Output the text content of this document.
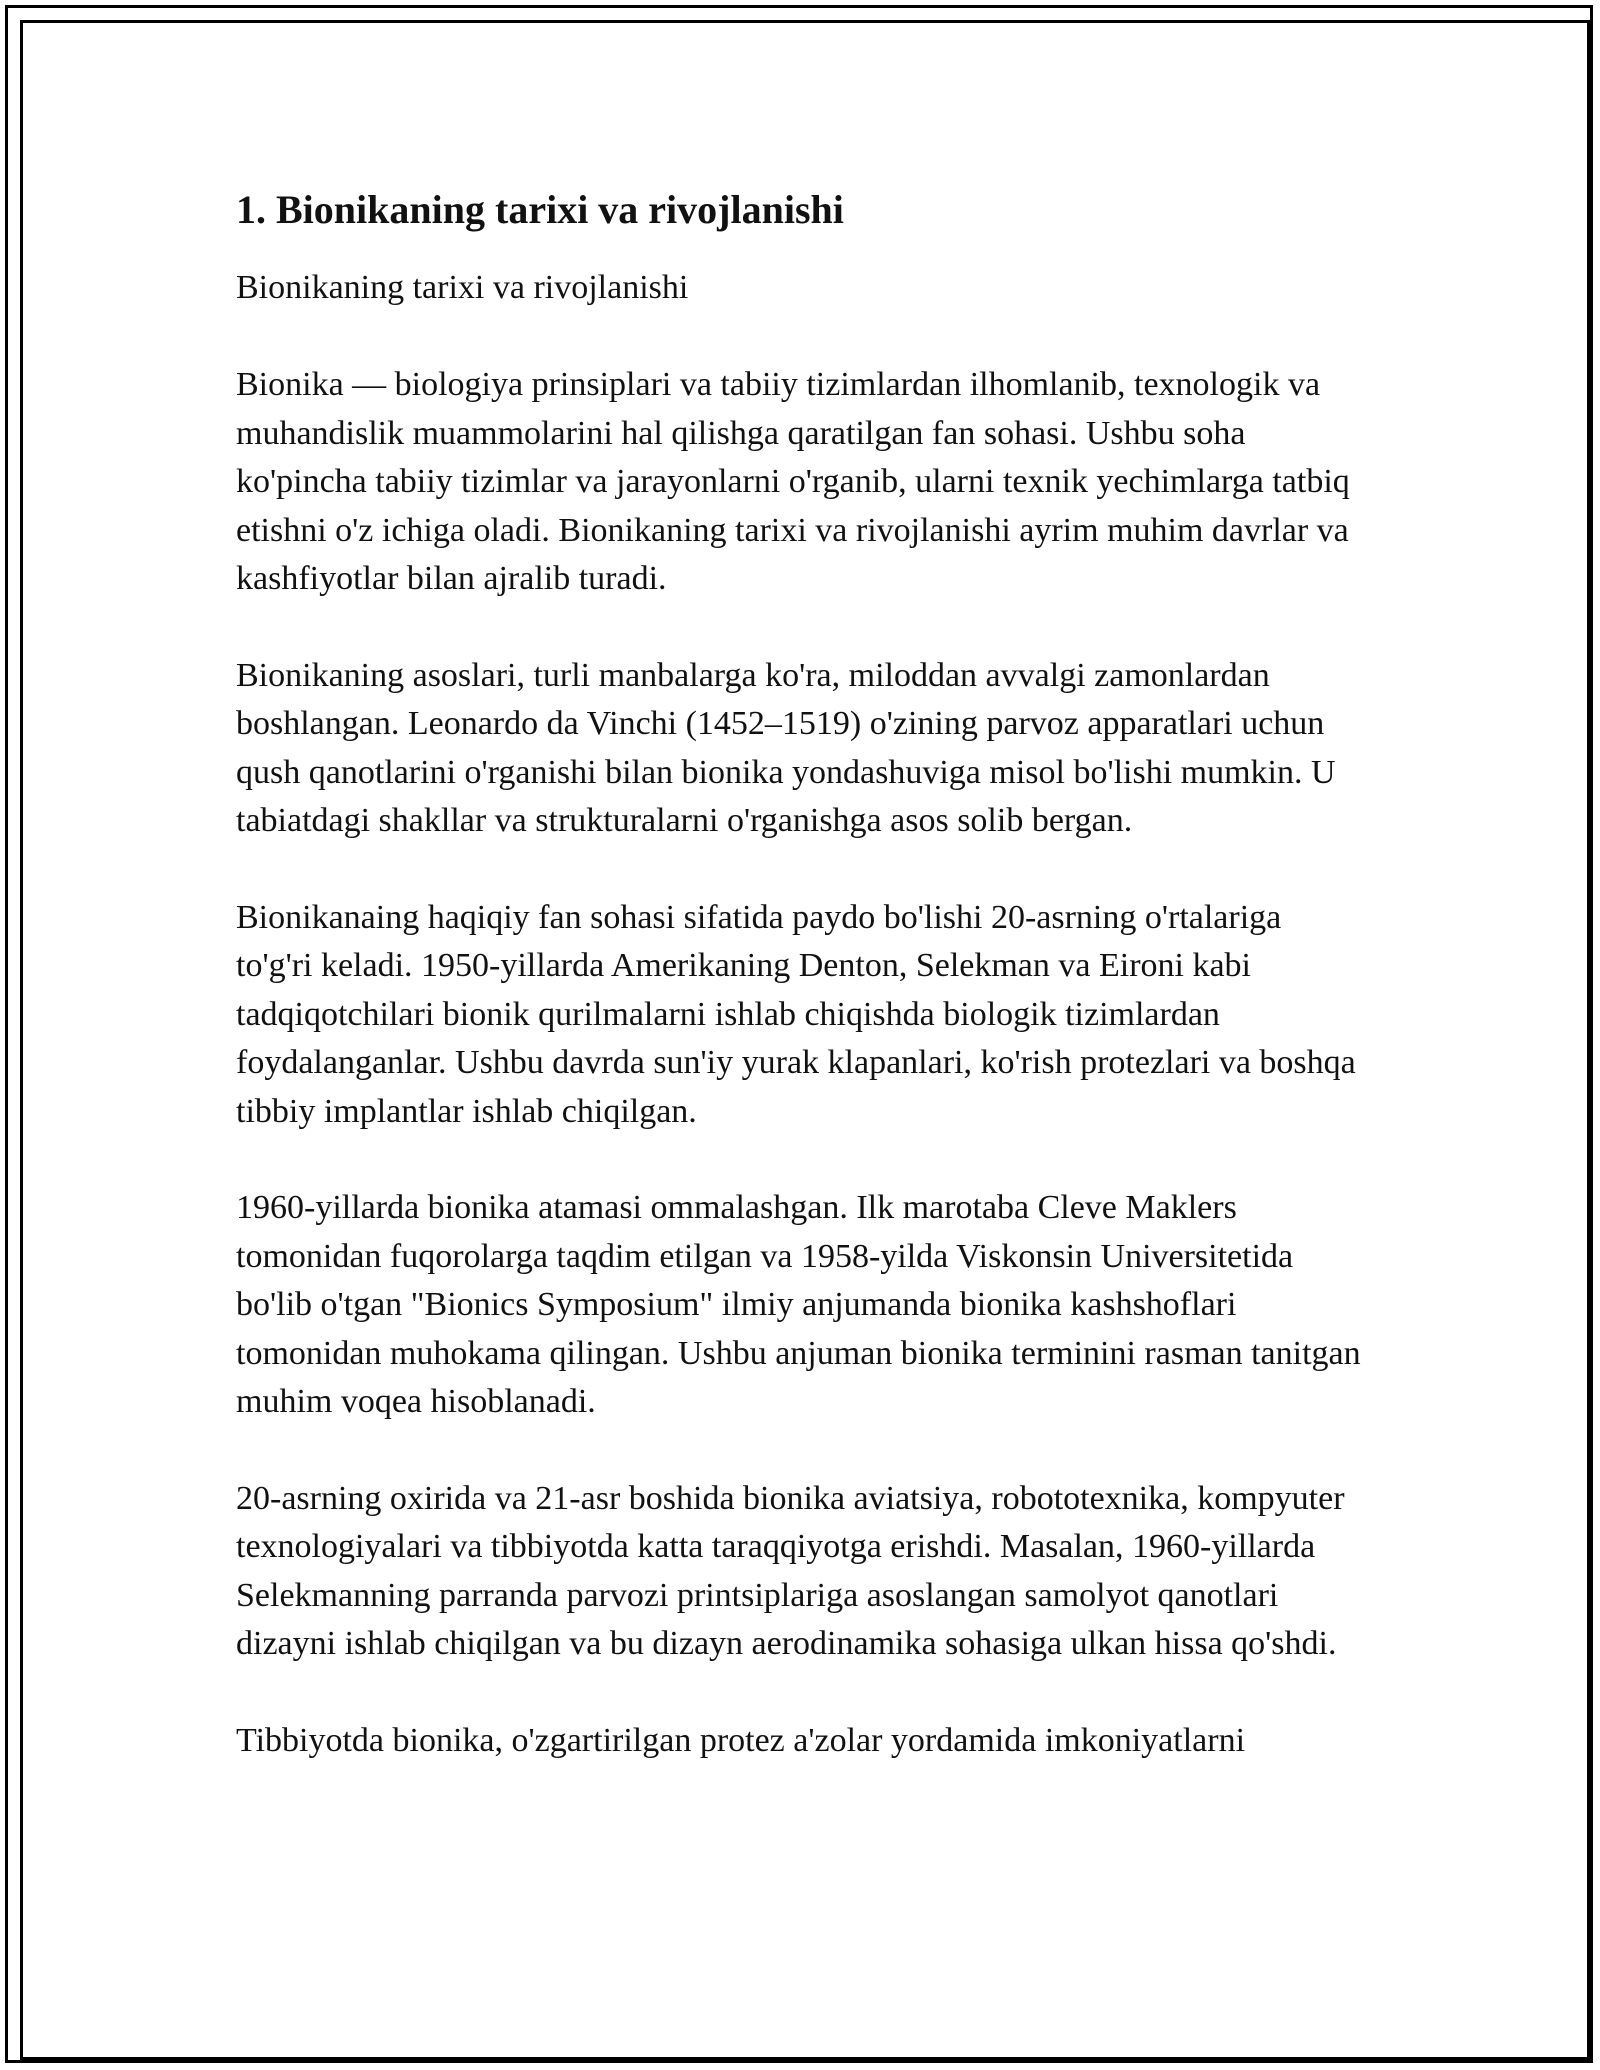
1. Bionikaning tarixi va rivojlanishi

Bionikaning tarixi va rivojlanishi

Bionika — biologiya prinsiplari va tabiiy tizimlardan ilhomlanib, texnologik va muhandislik muammolarini hal qilishga qaratilgan fan sohasi. Ushbu soha ko'pincha tabiiy tizimlar va jarayonlarni o'rganib, ularni texnik yechimlarga tatbiq etishni o'z ichiga oladi. Bionikaning tarixi va rivojlanishi ayrim muhim davrlar va kashfiyotlar bilan ajralib turadi.

Bionikaning asoslari, turli manbalarga ko'ra, miloddan avvalgi zamonlardan boshlangan. Leonardo da Vinchi (1452–1519) o'zining parvoz apparatlari uchun qush qanotlarini o'rganishi bilan bionika yondashuviga misol bo'lishi mumkin. U tabiatdagi shakllar va strukturalarni o'rganishga asos solib bergan.

Bionikanaing haqiqiy fan sohasi sifatida paydo bo'lishi 20-asrning o'rtalariga to'g'ri keladi. 1950-yillarda Amerikaning Denton, Selekman va Eironi kabi tadqiqotchilari bionik qurilmalarni ishlab chiqishda biologik tizimlardan foydalanganlar. Ushbu davrda sun'iy yurak klapanlari, ko'rish protezlari va boshqa tibbiy implantlar ishlab chiqilgan.

1960-yillarda bionika atamasi ommalashgan. Ilk marotaba Cleve Maklers tomonidan fuqorolarga taqdim etilgan va 1958-yilda Viskonsin Universitetida bo'lib o'tgan "Bionics Symposium" ilmiy anjumanda bionika kashshoflari tomonidan muhokama qilingan. Ushbu anjuman bionika terminini rasman tanitgan muhim voqea hisoblanadi.

20-asrning oxirida va 21-asr boshida bionika aviatsiya, robototexnika, kompyuter texnologiyalari va tibbiyotda katta taraqqiyotga erishdi. Masalan, 1960-yillarda Selekmanning parranda parvozi printsiplariga asoslangan samolyot qanotlari dizayni ishlab chiqilgan va bu dizayn aerodinamika sohasiga ulkan hissa qo'shdi.

Tibbiyotda bionika, o'zgartirilgan protez a'zolar yordamida imkoniyatlarni
